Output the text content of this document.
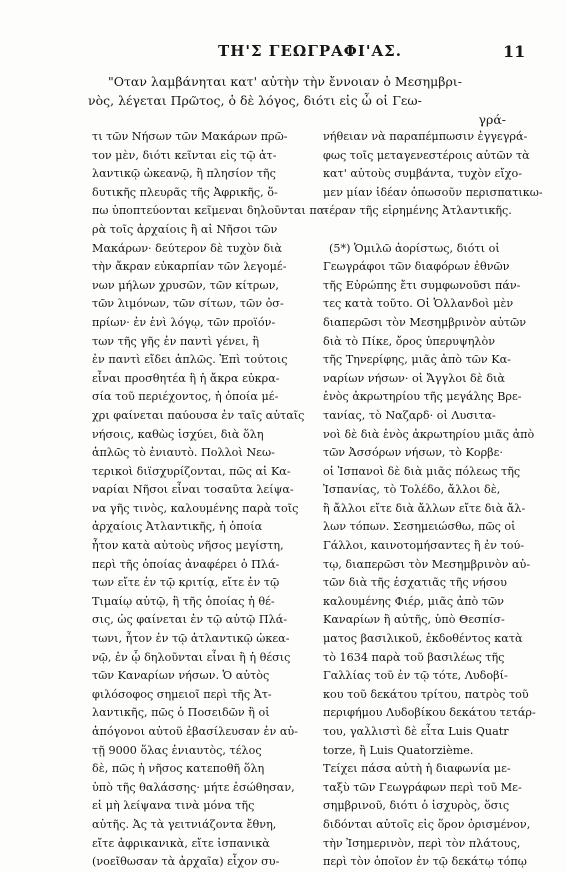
ΤΗ'Σ ΓΕΩΓΡΑΦΙ'ΑΣ.	11
"Οταν λαμβάνηται κατ' αὐτὴν τὴν ἔννοιαν ὁ Μεσημβρι-
νὸς, λέγεται Πρῶτος, ὁ δὲ λόγος, διότι εἰς ὦ οἱ Γεω-
γρά-
τι τῶν Νήσων τῶν Μακάρων πρῶ-
τον μὲν, διότι κεῖνται εἰς τῷ ἀτ-
λαντικῷ ὠκεανῷ, ἢ πλησίον τῆς
δυτικῆς πλευρᾶς τῆς Ἀφρικῆς, ὅ-
πω ὑποπτεύονται κεῖμεναι δηλοῦνται πα-
ρὰ τοῖς ἀρχαίοις ἢ αἱ Νῆσοι τῶν
Μακάρων· δεύτερον δὲ τυχὸν διὰ
τὴν ἄκραν εὐκαρπίαν τῶν λεγομέ-
νων μήλων χρυσῶν, τῶν κίτρων,
τῶν λιμόνων, τῶν σίτων, τῶν ὀσ-
πρίων· ἐν ἑνὶ λόγῳ, τῶν προϊόν-
των τῆς γῆς ἐν παντὶ γένει, ἢ
ἐν παντὶ εἴδει ἁπλῶς. Ἐπὶ τούτοις
εἶναι προσθητέα ἢ ἡ ἄκρα εὐκρα-
σία τοῦ περιέχοντος, ἡ ὁποία μέ-
χρι φαίνεται παύουσα ἐν ταῖς αὐταῖς
νήσοις, καθὼς ἰσχύει, διὰ ὅλη
ἁπλῶς τὸ ἐνιαυτὸ. Πολλοὶ Νεω-
τερικοὶ διϊσχυρίζονται, πῶς αἱ Κα-
ναρίαι Νῆσοι εἶναι τοσαῦτα λείψα-
να γῆς τινὸς, καλουμένης παρὰ τοῖς
ἀρχαίοις Ἀτλαντικῆς, ἡ ὁποία
ἦτον κατὰ αὐτοὺς νῆσος μεγίστη,
περὶ τῆς ὁποίας ἀναφέρει ὁ Πλά-
των εἴτε ἐν τῷ κριτίᾳ, εἴτε ἐν τῷ
Τιμαίῳ αὐτῷ, ἢ τῆς ὁποίας ἡ θέ-
σις, ὡς φαίνεται ἐν τῷ αὐτῷ Πλά-
τωνι, ἦτον ἐν τῷ ἀτλαντικῷ ὠκεα-
νῷ, ἐν ᾧ δηλοῦνται εἶναι ἢ ἡ θέσις
τῶν Καναρίων νήσων. Ὁ αὐτὸς
φιλόσοφος σημειοῖ περὶ τῆς Ἀτ-
λαντικῆς, πῶς ὁ Ποσειδῶν ἢ οἱ
ἀπόγονοι αὐτοῦ ἐβασίλευσαν ἐν αὐ-
τῇ 9000 ὅλας ἐνιαυτὸς, τέλος
δὲ, πῶς ἡ νῆσος κατεποθῆ ὅλη
ὑπὸ τῆς θαλάσσης· μήτε ἐσώθησαν,
εἰ μὴ λείψανα τινὰ μόνα τῆς
αὐτῆς. Ἀς τὰ γειτνιάζοντα ἔθνη,
εἴτε ἀφρικανικὰ, εἴτε ἰσπανικὰ
(νοεῖθωσαν τὰ ἀρχαῖα) εἶχον συ-
νήθειαν νὰ παραπέμπωσιν ἐγγεγρά-
φως τοῖς μεταγενεστέροις αὐτῶν τὰ
κατ' αὐτοὺς συμβάντα, τυχὸν εἴχο-
μεν μίαν ἰδέαν ὁπωσοῦν περισπατικω-
τέραν τῆς εἰρημένης Ἀτλαντικῆς.

(5*) Ὁμιλῶ ἀορίστως, διότι οἱ
Γεωγράφοι τῶν διαφόρων ἐθνῶν
τῆς Εὐρώπης ἔτι συμφωνοῦσι πάν-
τες κατὰ τοῦτο. Οἱ Ὁλλανδοὶ μὲν
διαπερῶσι τὸν Μεσημβρινὸν αὐτῶν
διὰ τὸ Πίκε, ὄρος ὑπερυψηλὸν
τῆς Τηνερίφης, μιᾶς ἀπὸ τῶν Κα-
ναρίων νήσων· οἱ Ἄγγλοι δὲ διὰ
ἑνὸς ἀκρωτηρίου τῆς μεγάλης Βρε-
τανίας, τὸ Ναζαρδ· οἱ Λυσιτα-
νοὶ δὲ διὰ ἑνὸς ἀκρωτηρίου μιᾶς ἀπὸ
τῶν Ἀσσόρων νήσων, τὸ Κορβε·
οἱ Ἰσπανοὶ δὲ διὰ μιᾶς πόλεως τῆς
Ἰσπανίας, τὸ Τολέδο, ἄλλοι δὲ,
ἢ ἄλλοι εἴτε διὰ ἄλλων εἴτε διὰ ἄλ-
λων τόπων. Σεσημειώσθω, πῶς οἱ
Γάλλοι, καινοτομήσαντες ἢ ἐν τού-
τῳ, διαπερῶσι τὸν Μεσημβρινὸν αὐ-
τῶν διὰ τῆς ἐσχατιᾶς τῆς νήσου
καλουμένης Φιέρ, μιᾶς ἀπὸ τῶν
Καναρίων ἢ αὐτῆς, ὑπὸ Θεσπίσ-
ματος βασιλικοῦ, ἐκδοθέντος κατὰ
τὸ 1634 παρὰ τοῦ βασιλέως τῆς
Γαλλίας τοῦ ἐν τῷ τότε, Λυδοβί-
κου τοῦ δεκάτου τρίτου, πατρὸς τοῦ
περιφήμου Λυδοβίκου δεκάτου τετάρ-
του, γαλλιστὶ δὲ εἶτα Luis Quatr
torze, ἢ Luis Quatorzième.
Τείχει πάσα αὐτὴ ἡ διαφωνία με-
ταξὺ τῶν Γεωγράφων περὶ τοῦ Με-
σημβρινοῦ, διότι ὁ ἰσχυρὸς, ὅσις
διδόνται αὐτοῖς εἰς ὅρον ὁρισμένον,
τὴν Ἰσημερινὸν, περὶ τὸν πλάτους,
περὶ τὸν ὁποῖον ἐν τῷ δεκάτῳ τόπῳ
